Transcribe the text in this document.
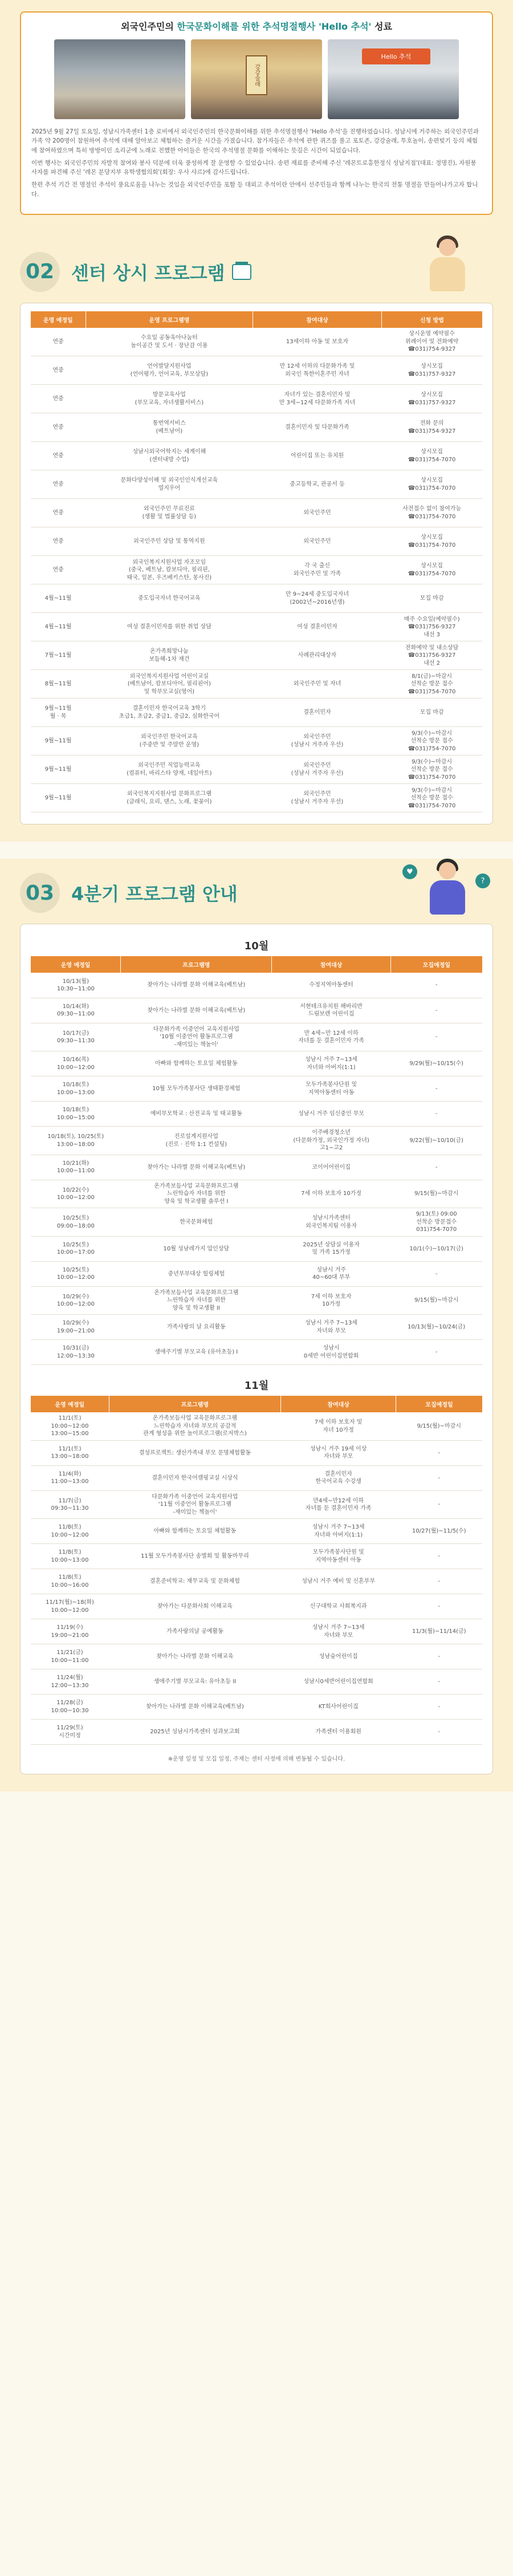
외국인주민의 한국문화이해를 위한 추석명절행사 'Hello 추석' 성료
강강술래
Hello 추석

2025년 9월 27일 토요일, 성남시가족센터 1층 로비에서 외국인주민의 한국문화이해를 위한 추석명절행사 'Hello 추석'을 진행하였습니다. 성남시에 거주하는 외국인주민과 가족 약 200명이 참원하여 추석에 대해 알아보고 체험하는 즐거운 시간을 가졌습니다. 참가자들은 추석에 관한 퀴즈를 풀고 포토존, 강강술래, 투호놀이, 송편빚기 등의 체험에 참여하였으며 특히 방방이인 소리군에 노래로 전했한 아이들은 한국의 추석명절 문화를 이해하는 뜻깊은 시간이 되었습니다.

이번 행사는 외국인주민의 자발적 참여와 봉사 덕분에 더욱 풍성하게 잘 운영할 수 있었습니다. 송편 재료를 준비해 주신 '레몬트로흥한정식 성남지점'(대표: 정명진), 자원봉사자를 파견해 주신 '레몬 분당지부 유학생협의회'(회장: 우사 샤르)에 감사드립니다.

한편 추석 기간 전 명절인 추석이 풍요로움을 나누는 것임을 외국인주민을 포함 등 대외고 추석이란 안에서 선주민들과 함께 나누는 한국의 전통 명절을 만들어나가고자 합니다.

02 센터 상시 프로그램
운영 예정일	운영 프로그램명	참여대상	신청 방법
연중	수요일 공동육아나눔터
놀이공간 및 도서 · 장난감 이용	13세이하 아동 및 보호자	상시운영 예약필수
위례이어 및 전화예약
☎031)754-9327
연중	언어발달지원사업
(언어평가, 언어교육, 부모상담)	만 12세 이하의 다문화가족 및
외국인 특한이혼주민 자녀	상시모집
☎031)757-9327
연중	방문교육사업
(부모교육, 자녀생활서비스)	자녀가 있는 결혼이민자 및
만 3세~12세 다문화가족 자녀	상시모집
☎031)757-9327
연중	통번역서비스
(베트남어)	결혼이민자 및 다문화가족	전화 문의
☎031)754-9327
연중	성남시외국어학지는 세계이해
(센터내방 수업)	어린이집 또는 유치원	상시모집
☎031)754-7070
연중	문화다양성이해 및 외국인인식개선교육
열지우어	중고등학교, 관공서 등	상시모집
☎031)754-7070
연중	외국인주민 무료진료
(생활 및 법률상담 등)	외국인주민	사전접수 없이 참여가능
☎031)754-7070
연중	외국인주민 상담 및 통역지원	외국인주민	상시모집
☎031)754-7070
연중	외국인복지지원사업 자조모임
(중국, 베트남, 캄보디아, 필리핀,
태국, 일본, 우즈베키스탄, 몽사진)	각 국 출신
외국인주민 및 가족	상시모집
☎031)754-7070
4월~11월	중도입국자녀 한국어교육	만 9~24세 중도입국자녀
(2002년~2016년생)	모집 마감
4월~11월	여성 결혼이민자를 위한 취업 상담	여성 결혼이민자	매주 수요일(예약필수)
☎031)756-9327
내선 3
7월~11월	온가족희망나눔
보듬해-1차 재건	사례관리대상자	전화예약 및 내소상담
☎031)756-9327
내선 2
8월~11월	외국인복지지원사업 어린이교실
(베트남어, 캄보디아어, 필리핀어)
및 학부모교실(영어)	외국인주민 및 자녀	8/1(금)~마감시
선착순 방문 접수
☎031)754-7070
9월~11월
월 · 목	결혼이민자 한국어교육 3학기
초급1, 초급2, 중급1, 중급2, 심화한국어	결혼이민자	모집 마감
9월~11월	외국인주민 한국어교육
(주중반 및 주말반 운영)	외국인주민
(성남시 거주자 우선)	9/3(수)~마감시
선착순 방문 접수
☎031)754-7070
9월~11월	외국인주민 직업능력교육
(컴퓨터, 바리스타 양재, 네일아트)	외국인주민
(성남시 거주자 우선)	9/3(수)~마감시
선착순 방문 접수
☎031)754-7070
9월~11월	외국인복지지원사업 문화프로그램
(클래식, 요리, 댄스, 노래, 꽃꽂이)	외국인주민
(성남시 거주자 우선)	9/3(수)~마감시
선착순 방문 접수
☎031)754-7070
03 4분기 프로그램 안내
♥
?
10월
운영 예정일	프로그램명	참여대상	모집예정일
10/13(월)
10:30~11:00	찾아가는 나라별 문화 이해교육(베트남)	수정지역아동센터	-
10/14(화)
09:30~11:00	찾아가는 나라별 문화 이해교육(베트남)	서현테크유치원 해바리반
드림보렌 어린이집	-
10/17(금)
09:30~11:30	다문화가족 이중언어 교육지원사업
'10월 이중언어 활동프로그램
-재미있는 책놀이'	만 4세~만 12세 이하
자녀를 둔 결혼이민자 가족	-
10/16(목)
10:00~12:00	아빠와 함께하는 토요일 체험활동	성남시 거주 7~13세
자녀와 아버지(1:1)	9/29(월)~10/15(수)
10/18(토)
10:00~13:00	10월 모두가족봉사단 생태환경체험	모두가족봉사단원 및
지역아동센터 아동	-
10/18(토)
10:00~15:00	예비부모학교 : 산전교육 및 태교활동	성남시 거주 임신중인 부모	-
10/18(토), 10/25(토)
13:00~18:00	진로설계지원사업
(진로 · 진학 1:1 컨설팅)	이주배경청소년
(다문화가정, 외국인가정 자녀)
고1~고2	9/22(월)~10/10(금)
10/21(화)
10:00~11:00	찾아가는 나라별 문화 이해교육(베트남)	코이어어린이집	-
10/22(수)
10:00~12:00	온가족보듬사업 교육문화프로그램
느린학습자 자녀를 위한
양육 및 학교생활 솔루션 I	7세 이하 보호자 10가정	9/15(월)~마감시
10/25(토)
09:00~18:00	한국문화체험	성남시가족센터
외국인복지팀 이용자	9/13(토) 09:00
선착순 방문접수
031)754-7070
10/25(토)
10:00~17:00	10월 성남레가지 압인상담	2025년 상담실 이용자
및 가족 15가정	10/1(수)~10/17(금)
10/25(토)
10:00~12:00	중년부부대상 힐링체험	성남시 거주
40~60대 부부	-
10/29(수)
10:00~12:00	온가족보듬사업 교육문화프로그램
느린학습자 자녀를 위한
양육 및 학교생활 II	7세 이하 보호자
10가정	9/15(월)~마감시
10/29(수)
19:00~21:00	가족사랑의 날 요리활동	성남시 거주 7~13세
자녀와 부모	10/13(월)~10/24(금)
10/31(금)
12:00~13:30	생애주기별 부모교육 (유아초등) I	성남시
0세반 어린이집연합회	-
11월
운영 예정일	프로그램명	참여대상	모집예정일
11/1(토)
10:00~12:00
13:00~15:00	온가족보듬사업 교육문화프로그램
느린학습자 자녀와 부모의 공감적
관계 형성을 위한 놀이프로그램(로저박스)	7세 이하 보호자 및
자녀 10가정	9/15(월)~마감시
11/1(토)
13:00~18:00	결성프로젝트: 생산가족내 부모 문명체험활동	성남시 거주 19세 이상
자녀와 부모	-
11/4(화)
11:00~13:00	결혼이민자 한국어캠핑교실 시상식	결혼이민자
한국어교육 수강생	-
11/7(금)
09:30~11:30	다문화가족 이중언어 교육지원사업
'11월 이중언어 활동프로그램
-재미있는 책놀이'	만4세~만12세 이하
자녀를 둔 결혼이민자 가족	-
11/8(토)
10:00~12:00	아빠와 함께하는 토요일 체험활동	성남시 거주 7~13세
자녀와 아버지(1:1)	10/27(월)~11/5(수)
11/8(토)
10:00~13:00	11월 모두가족봉사단 송별회 및 활동마무리	모두가족봉사단원 및
지역아동센터 아동	-
11/8(토)
10:00~16:00	결혼준비학교: 재무교육 및 문화체험	성남시 거주 예비 및 신혼부부	-
11/17(월)~18(화)
10:00~12:00	찾아가는 다문화사회 이해교육	신구대학교 사회복지과	-
11/19(수)
19:00~21:00	가족사랑의날 공예활동	성남시 거주 7~13세
자녀와 부모	11/3(월)~11/14(금)
11/21(금)
10:00~11:00	찾아가는 나라별 문화 이해교육	성남숲어린이집	-
11/24(월)
12:00~13:30	생애주기별 부모교육: 유아초등 II	성남시0세반어린이집연합회	-
11/28(금)
10:00~10:30	찾아가는 나라별 문화 이해교육(베트남)	KT희사어린이집	-
11/29(토)
시간미정	2025년 성남시가족센터 성과보고회	가족센터 이용회원	-
※운영 일정 및 모집 일정, 주제는 센터 사정에 의해 변동될 수 있습니다.
